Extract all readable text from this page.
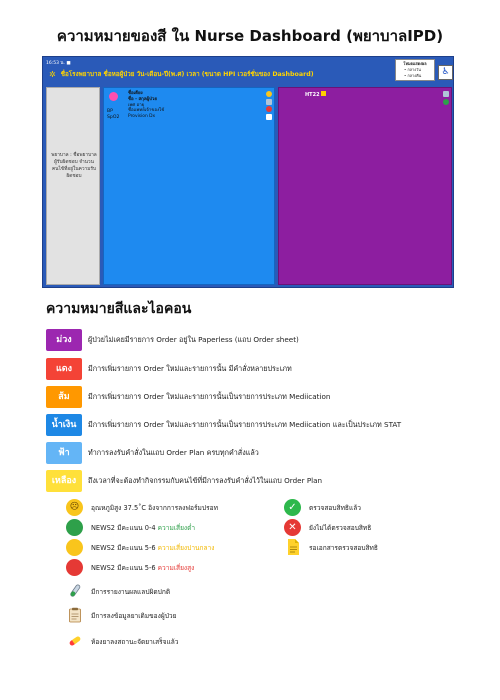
ความหมายของสี ใน Nurse Dashboard (พยาบาลIPD)
16:53 น. ■
✲ ชื่อโรงพยาบาล ชื่อหอผู้ป่วย วัน-เดือน-ปี(พ.ศ) เวลา (ขนาด HPI เวอร์ชั่นของ Dashboard)
โหมดแสดงผล
• กลางวัน
• กลางคืน	♿
พยาบาล : ชื่อพยาบาลผู้รับผิดชอบ จำนวนคนไข้ที่อยู่ในความรับผิดชอบ
ชื่อเตียง
ชื่อ - สกุลผู้ป่วย
เพศ อายุ
ชื่อแพทย์เจ้าของไข้
Provision Dx
BP
SpO2
HT22
ความหมายสีและไอคอน
ม่วง	ผู้ป่วยไม่เคยมีรายการ Order อยู่ใน Paperless (แถบ Order sheet)
แดง	มีการเพิ่มรายการ Order ใหม่และรายการนั้น มีคำสั่งหลายประเภท
ส้ม	มีการเพิ่มรายการ Order ใหม่และรายการนั้นเป็นรายการประเภท Mediication
น้ำเงิน	มีการเพิ่มรายการ Order ใหม่และรายการนั้นเป็นรายการประเภท Mediication และเป็นประเภท STAT
ฟ้า	ทำการลงรับคำสั่งในแถบ Order Plan ครบทุกคำสั่งแล้ว
เหลือง	ถึงเวลาที่จะต้องทำกิจกรรมกับคนไข้ที่มีการลงรับคำสั่งไว้ในแถบ Order Plan
☹	อุณหภูมิสูง 37.5˚C อิงจากการลงฟอร์มปรอท
NEWS2 มีคะแนน 0-4 ความเสี่ยงต่ำ
NEWS2 มีคะแนน 5-6 ความเสี่ยงปานกลาง
NEWS2 มีคะแนน 5-6 ความเสี่ยงสูง
มีการรายงานผลแลปผิดปกติ
มีการลงข้อมูลยาเดิมของผู้ป่วย
ห้องยาลงสถานะจัดยาเสร็จแล้ว
✓	ตรวจสอบสิทธิแล้ว
✕	ยังไม่ได้ตรวจสอบสิทธิ
รอเอกสารตรวจสอบสิทธิ
